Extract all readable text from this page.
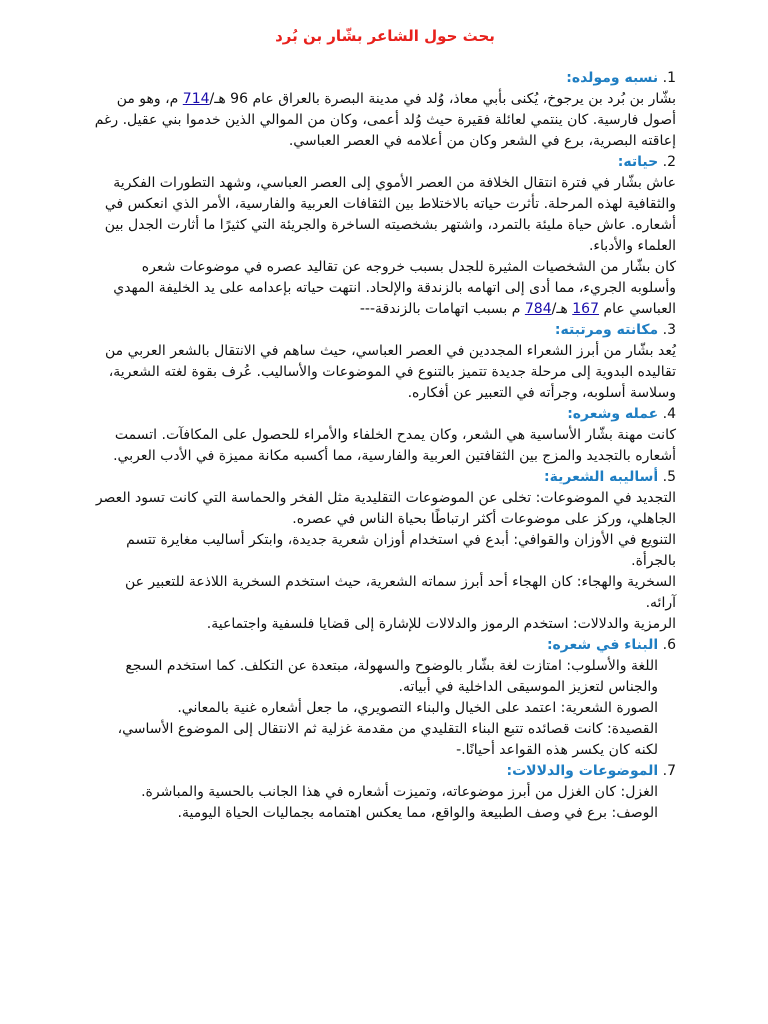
بحث حول الشاعر بشّار بن بُرد
1. نسبه ومولده:

بشّار بن بُرد بن يرجوخ، يُكنى بأبي معاذ، وُلد في مدينة البصرة بالعراق عام 96 هـ/714 م، وهو من أصول فارسية. كان ينتمي لعائلة فقيرة حيث وُلد أعمى، وكان من الموالي الذين خدموا بني عقيل. رغم إعاقته البصرية، برع في الشعر وكان من أعلامه في العصر العباسي.

2. حياته:

عاش بشّار في فترة انتقال الخلافة من العصر الأموي إلى العصر العباسي، وشهد التطورات الفكرية والثقافية لهذه المرحلة. تأثرت حياته بالاختلاط بين الثقافات العربية والفارسية، الأمر الذي انعكس في أشعاره. عاش حياة مليئة بالتمرد، واشتهر بشخصيته الساخرة والجريئة التي كثيرًا ما أثارت الجدل بين العلماء والأدباء.

كان بشّار من الشخصيات المثيرة للجدل بسبب خروجه عن تقاليد عصره في موضوعات شعره وأسلوبه الجريء، مما أدى إلى اتهامه بالزندقة والإلحاد. انتهت حياته بإعدامه على يد الخليفة المهدي العباسي عام 167 هـ/784 م بسبب اتهامات بالزندقة---

3. مكانته ومرتبته:

يُعد بشّار من أبرز الشعراء المجددين في العصر العباسي، حيث ساهم في الانتقال بالشعر العربي من تقاليده البدوية إلى مرحلة جديدة تتميز بالتنوع في الموضوعات والأساليب. عُرف بقوة لغته الشعرية، وسلاسة أسلوبه، وجرأته في التعبير عن أفكاره.

4. عمله وشعره:

كانت مهنة بشّار الأساسية هي الشعر، وكان يمدح الخلفاء والأمراء للحصول على المكافآت. اتسمت أشعاره بالتجديد والمزج بين الثقافتين العربية والفارسية، مما أكسبه مكانة مميزة في الأدب العربي.

5. أساليبه الشعرية:

التجديد في الموضوعات: تخلى عن الموضوعات التقليدية مثل الفخر والحماسة التي كانت تسود العصر الجاهلي، وركز على موضوعات أكثر ارتباطًا بحياة الناس في عصره.

التنويع في الأوزان والقوافي: أبدع في استخدام أوزان شعرية جديدة، وابتكر أساليب مغايرة تتسم بالجرأة.

السخرية والهجاء: كان الهجاء أحد أبرز سماته الشعرية، حيث استخدم السخرية اللاذعة للتعبير عن آرائه.

الرمزية والدلالات: استخدم الرموز والدلالات للإشارة إلى قضايا فلسفية واجتماعية.

6. البناء في شعره:

اللغة والأسلوب: امتازت لغة بشّار بالوضوح والسهولة، مبتعدة عن التكلف. كما استخدم السجع والجناس لتعزيز الموسيقى الداخلية في أبياته.

الصورة الشعرية: اعتمد على الخيال والبناء التصويري، ما جعل أشعاره غنية بالمعاني.

القصيدة: كانت قصائده تتبع البناء التقليدي من مقدمة غزلية ثم الانتقال إلى الموضوع الأساسي، لكنه كان يكسر هذه القواعد أحيانًا.-

7. الموضوعات والدلالات:

الغزل: كان الغزل من أبرز موضوعاته، وتميزت أشعاره في هذا الجانب بالحسية والمباشرة.

الوصف: برع في وصف الطبيعة والواقع، مما يعكس اهتمامه بجماليات الحياة اليومية.
